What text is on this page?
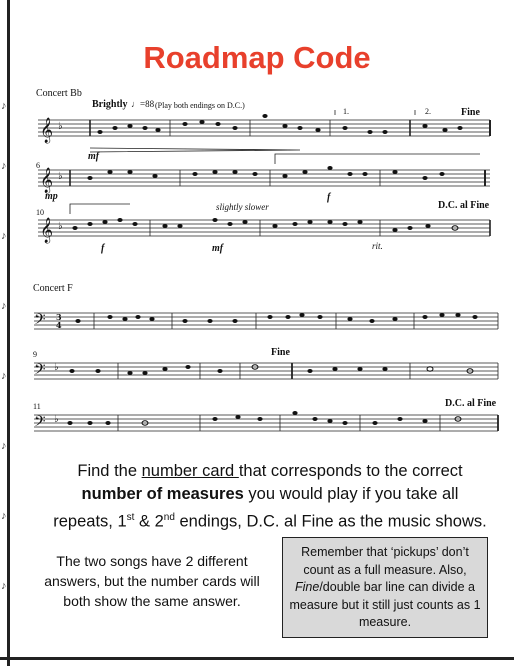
♪
♪
♪
♪
♪
♪
♪
♪
Roadmap Code
Concert Bb
Brightly ♩=88 (Play both endings on D.C.)
1.	2.	Fine
𝄞
𝄞
𝄞
♭
♭
♭
mf
6
mp	f
10
slightly slower	D.C. al Fine
f	mf	rit.
Concert F
9	Fine
11	D.C. al Fine
𝄢
𝄢
𝄢
3
4
♭
♭
Find the number card that corresponds to the correct
number of measures you would play if you take all
repeats, 1st & 2nd endings, D.C. al Fine as the music shows.
The two songs have 2 different answers, but the number cards will both show the same answer.
Remember that ‘pickups’ don’t count as a full measure. Also, Fine/double bar line can divide a measure but it still just counts as 1 measure.
